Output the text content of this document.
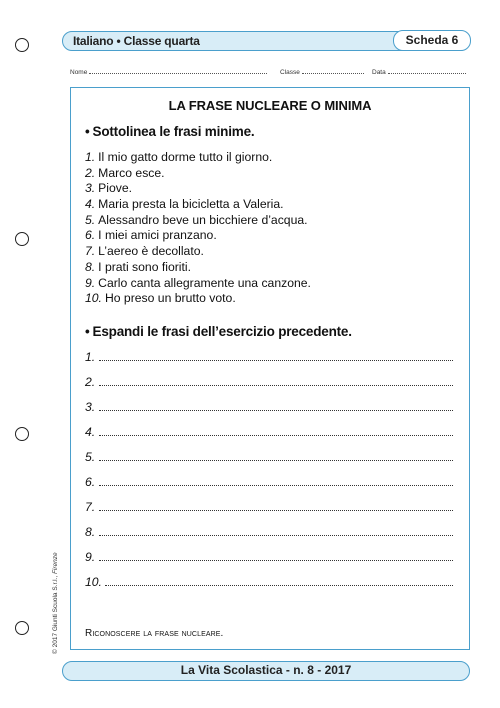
Italiano • Classe quarta	Scheda 6
Nome	Classe	Data
LA FRASE NUCLEARE O MINIMA
• Sottolinea le frasi minime.
1. Il mio gatto dorme tutto il giorno.
2. Marco esce.
3. Piove.
4. Maria presta la bicicletta a Valeria.
5. Alessandro beve un bicchiere d’acqua.
6. I miei amici pranzano.
7. L’aereo è decollato.
8. I prati sono fioriti.
9. Carlo canta allegramente una canzone.
10. Ho preso un brutto voto.
• Espandi le frasi dell’esercizio precedente.
1.
2.
3.
4.
5.
6.
7.
8.
9.
10.
Riconoscere la frase nucleare.
© 2017 Giunti Scuola S.r.l., Firenze
La Vita Scolastica - n. 8 - 2017
